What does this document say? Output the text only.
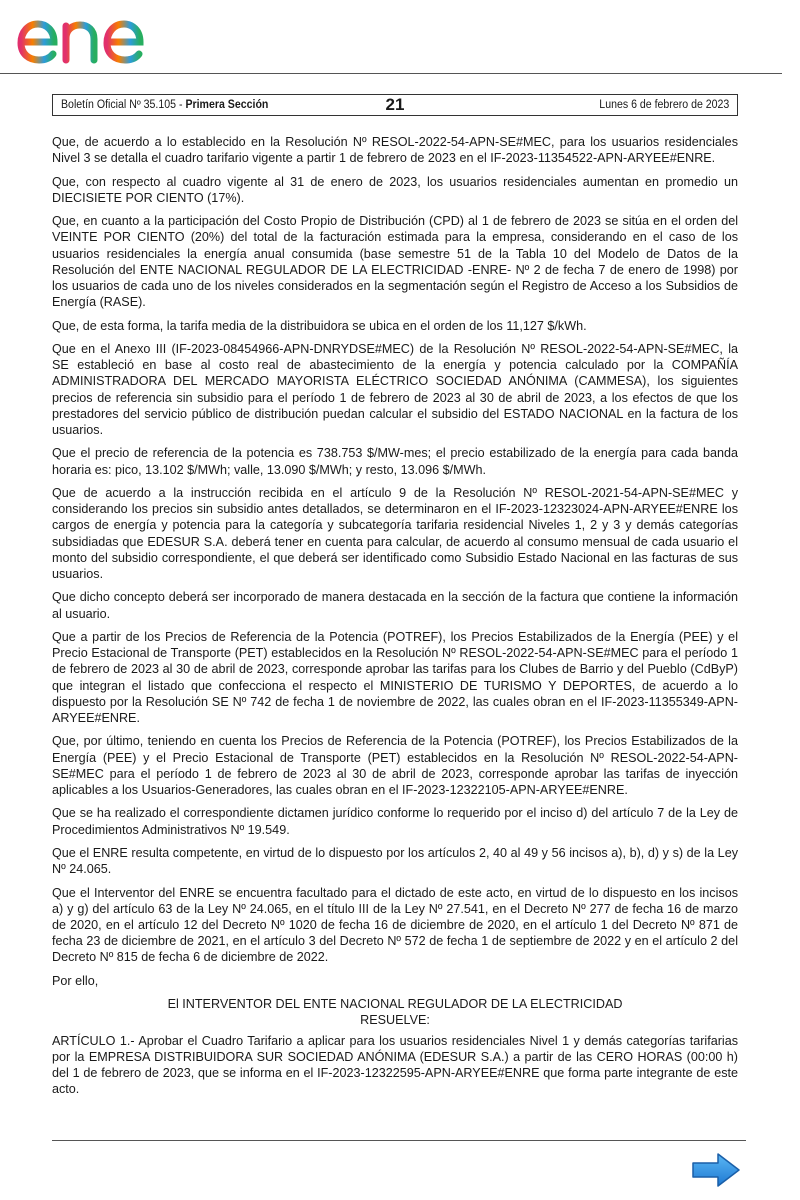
Boletín Oficial Nº 35.105 - Primera Sección	21	Lunes 6 de febrero de 2023

Que, de acuerdo a lo establecido en la Resolución Nº RESOL-2022-54-APN-SE#MEC, para los usuarios residenciales Nivel 3 se detalla el cuadro tarifario vigente a partir 1 de febrero de 2023 en el IF-2023-11354522-APN-ARYEE#ENRE.

Que, con respecto al cuadro vigente al 31 de enero de 2023, los usuarios residenciales aumentan en promedio un DIECISIETE POR CIENTO (17%).

Que, en cuanto a la participación del Costo Propio de Distribución (CPD) al 1 de febrero de 2023 se sitúa en el orden del VEINTE POR CIENTO (20%) del total de la facturación estimada para la empresa, considerando en el caso de los usuarios residenciales la energía anual consumida (base semestre 51 de la Tabla 10 del Modelo de Datos de la Resolución del ENTE NACIONAL REGULADOR DE LA ELECTRICIDAD -ENRE- Nº 2 de fecha 7 de enero de 1998) por los usuarios de cada uno de los niveles considerados en la segmentación según el Registro de Acceso a los Subsidios de Energía (RASE).

Que, de esta forma, la tarifa media de la distribuidora se ubica en el orden de los 11,127 $/kWh.

Que en el Anexo III (IF-2023-08454966-APN-DNRYDSE#MEC) de la Resolución Nº RESOL-2022-54-APN-SE#MEC, la SE estableció en base al costo real de abastecimiento de la energía y potencia calculado por la COMPAÑÍA ADMINISTRADORA DEL MERCADO MAYORISTA ELÉCTRICO SOCIEDAD ANÓNIMA (CAMMESA), los siguientes precios de referencia sin subsidio para el período 1 de febrero de 2023 al 30 de abril de 2023, a los efectos de que los prestadores del servicio público de distribución puedan calcular el subsidio del ESTADO NACIONAL en la factura de los usuarios.

Que el precio de referencia de la potencia es 738.753 $/MW-mes; el precio estabilizado de la energía para cada banda horaria es: pico, 13.102 $/MWh; valle, 13.090 $/MWh; y resto, 13.096 $/MWh.

Que de acuerdo a la instrucción recibida en el artículo 9 de la Resolución Nº RESOL-2021-54-APN-SE#MEC y considerando los precios sin subsidio antes detallados, se determinaron en el IF-2023-12323024-APN-ARYEE#ENRE los cargos de energía y potencia para la categoría y subcategoría tarifaria residencial Niveles 1, 2 y 3 y demás categorías subsidiadas que EDESUR S.A. deberá tener en cuenta para calcular, de acuerdo al consumo mensual de cada usuario el monto del subsidio correspondiente, el que deberá ser identificado como Subsidio Estado Nacional en las facturas de sus usuarios.

Que dicho concepto deberá ser incorporado de manera destacada en la sección de la factura que contiene la información al usuario.

Que a partir de los Precios de Referencia de la Potencia (POTREF), los Precios Estabilizados de la Energía (PEE) y el Precio Estacional de Transporte (PET) establecidos en la Resolución Nº RESOL-2022-54-APN-SE#MEC para el período 1 de febrero de 2023 al 30 de abril de 2023, corresponde aprobar las tarifas para los Clubes de Barrio y del Pueblo (CdByP) que integran el listado que confecciona el respecto el MINISTERIO DE TURISMO Y DEPORTES, de acuerdo a lo dispuesto por la Resolución SE Nº 742 de fecha 1 de noviembre de 2022, las cuales obran en el IF-2023-11355349-APN-ARYEE#ENRE.

Que, por último, teniendo en cuenta los Precios de Referencia de la Potencia (POTREF), los Precios Estabilizados de la Energía (PEE) y el Precio Estacional de Transporte (PET) establecidos en la Resolución Nº RESOL-2022-54-APN-SE#MEC para el período 1 de febrero de 2023 al 30 de abril de 2023, corresponde aprobar las tarifas de inyección aplicables a los Usuarios-Generadores, las cuales obran en el IF-2023-12322105-APN-ARYEE#ENRE.

Que se ha realizado el correspondiente dictamen jurídico conforme lo requerido por el inciso d) del artículo 7 de la Ley de Procedimientos Administrativos Nº 19.549.

Que el ENRE resulta competente, en virtud de lo dispuesto por los artículos 2, 40 al 49 y 56 incisos a), b), d) y s) de la Ley Nº 24.065.

Que el Interventor del ENRE se encuentra facultado para el dictado de este acto, en virtud de lo dispuesto en los incisos a) y g) del artículo 63 de la Ley Nº 24.065, en el título III de la Ley Nº 27.541, en el Decreto Nº 277 de fecha 16 de marzo de 2020, en el artículo 12 del Decreto Nº 1020 de fecha 16 de diciembre de 2020, en el artículo 1 del Decreto Nº 871 de fecha 23 de diciembre de 2021, en el artículo 3 del Decreto Nº 572 de fecha 1 de septiembre de 2022 y en el artículo 2 del Decreto Nº 815 de fecha 6 de diciembre de 2022.

Por ello,

El INTERVENTOR DEL ENTE NACIONAL REGULADOR DE LA ELECTRICIDAD

RESUELVE:

ARTÍCULO 1.- Aprobar el Cuadro Tarifario a aplicar para los usuarios residenciales Nivel 1 y demás categorías tarifarias por la EMPRESA DISTRIBUIDORA SUR SOCIEDAD ANÓNIMA (EDESUR S.A.) a partir de las CERO HORAS (00:00 h) del 1 de febrero de 2023, que se informa en el IF-2023-12322595-APN-ARYEE#ENRE que forma parte integrante de este acto.
